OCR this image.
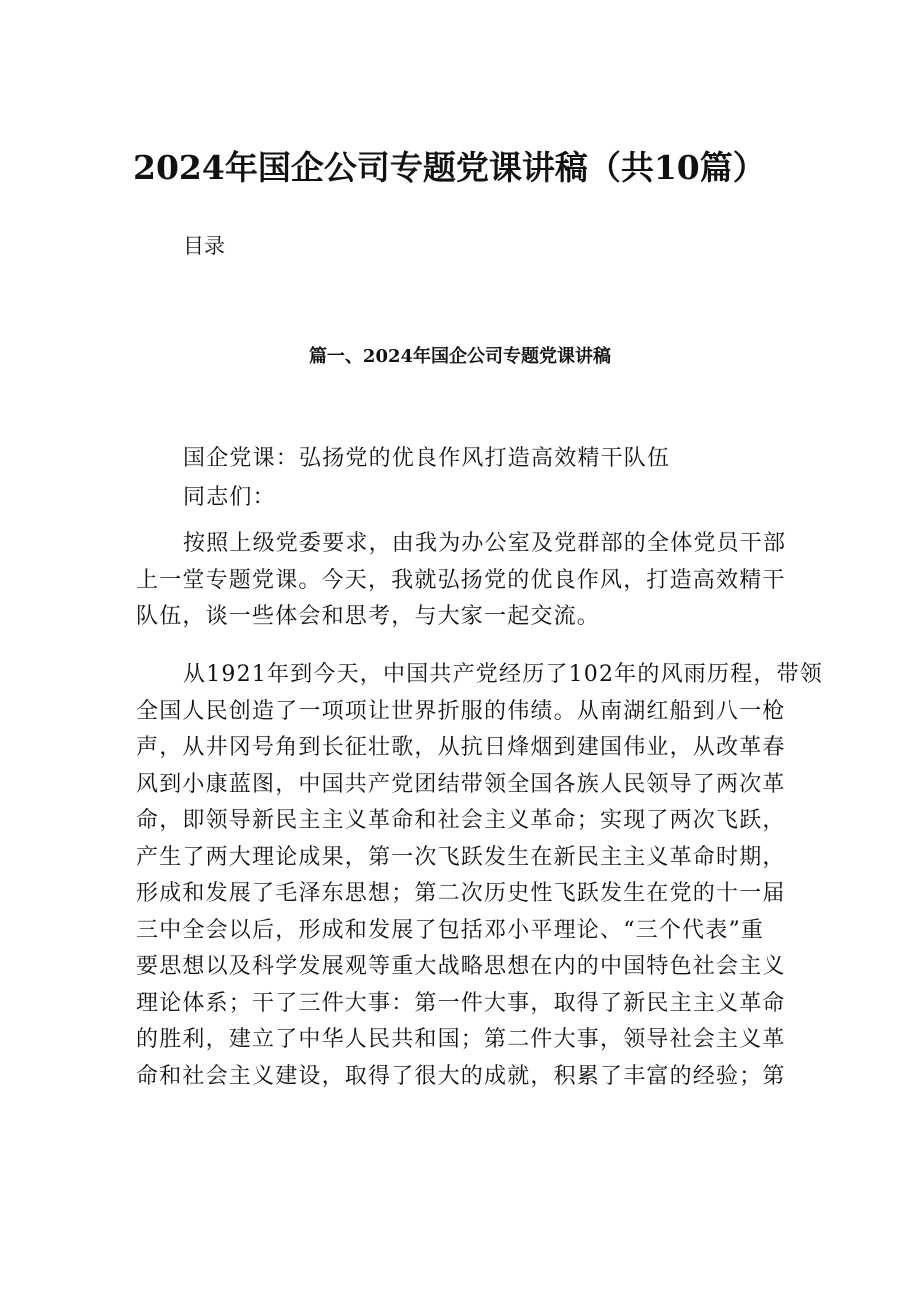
2024年国企公司专题党课讲稿（共10篇）
目录
篇一、2024年国企公司专题党课讲稿
国企党课：弘扬党的优良作风打造高效精干队伍
同志们：
按照上级党委要求，由我为办公室及党群部的全体党员干部
上一堂专题党课。今天，我就弘扬党的优良作风，打造高效精干
队伍，谈一些体会和思考，与大家一起交流。
从1921年到今天，中国共产党经历了102年的风雨历程，带领
全国人民创造了一项项让世界折服的伟绩。从南湖红船到八一枪
声，从井冈号角到长征壮歌，从抗日烽烟到建国伟业，从改革春
风到小康蓝图，中国共产党团结带领全国各族人民领导了两次革
命，即领导新民主主义革命和社会主义革命；实现了两次飞跃，
产生了两大理论成果，第一次飞跃发生在新民主主义革命时期，
形成和发展了毛泽东思想；第二次历史性飞跃发生在党的十一届
三中全会以后，形成和发展了包括邓小平理论、“三个代表”重
要思想以及科学发展观等重大战略思想在内的中国特色社会主义
理论体系；干了三件大事：第一件大事，取得了新民主主义革命
的胜利，建立了中华人民共和国；第二件大事，领导社会主义革
命和社会主义建设，取得了很大的成就，积累了丰富的经验；第
